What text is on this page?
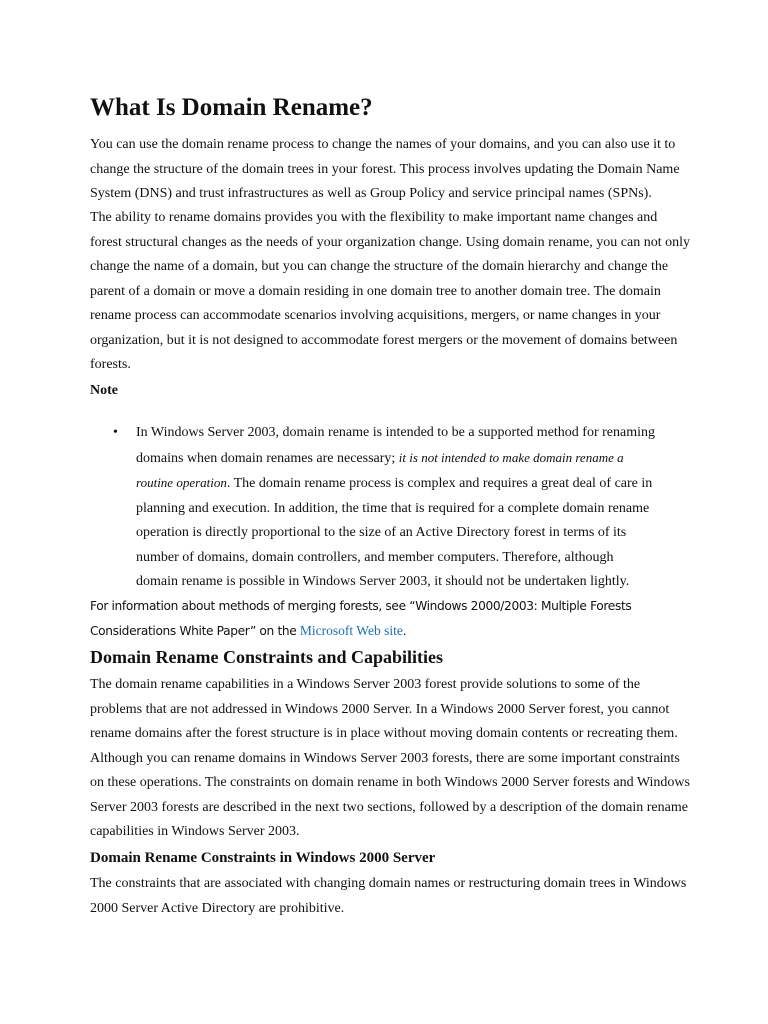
What Is Domain Rename?

You can use the domain rename process to change the names of your domains, and you can also use it to change the structure of the domain trees in your forest. This process involves updating the Domain Name System (DNS) and trust infrastructures as well as Group Policy and service principal names (SPNs).

The ability to rename domains provides you with the flexibility to make important name changes and forest structural changes as the needs of your organization change. Using domain rename, you can not only change the name of a domain, but you can change the structure of the domain hierarchy and change the parent of a domain or move a domain residing in one domain tree to another domain tree. The domain rename process can accommodate scenarios involving acquisitions, mergers, or name changes in your organization, but it is not designed to accommodate forest mergers or the movement of domains between forests.

Note

• In Windows Server 2003, domain rename is intended to be a supported method for renaming domains when domain renames are necessary; it is not intended to make domain rename a routine operation. The domain rename process is complex and requires a great deal of care in planning and execution. In addition, the time that is required for a complete domain rename operation is directly proportional to the size of an Active Directory forest in terms of its number of domains, domain controllers, and member computers. Therefore, although domain rename is possible in Windows Server 2003, it should not be undertaken lightly.

For information about methods of merging forests, see “Windows 2000/2003: Multiple Forests Considerations White Paper” on the Microsoft Web site.

Domain Rename Constraints and Capabilities

The domain rename capabilities in a Windows Server 2003 forest provide solutions to some of the problems that are not addressed in Windows 2000 Server. In a Windows 2000 Server forest, you cannot rename domains after the forest structure is in place without moving domain contents or recreating them. Although you can rename domains in Windows Server 2003 forests, there are some important constraints on these operations. The constraints on domain rename in both Windows 2000 Server forests and Windows Server 2003 forests are described in the next two sections, followed by a description of the domain rename capabilities in Windows Server 2003.

Domain Rename Constraints in Windows 2000 Server

The constraints that are associated with changing domain names or restructuring domain trees in Windows 2000 Server Active Directory are prohibitive.
